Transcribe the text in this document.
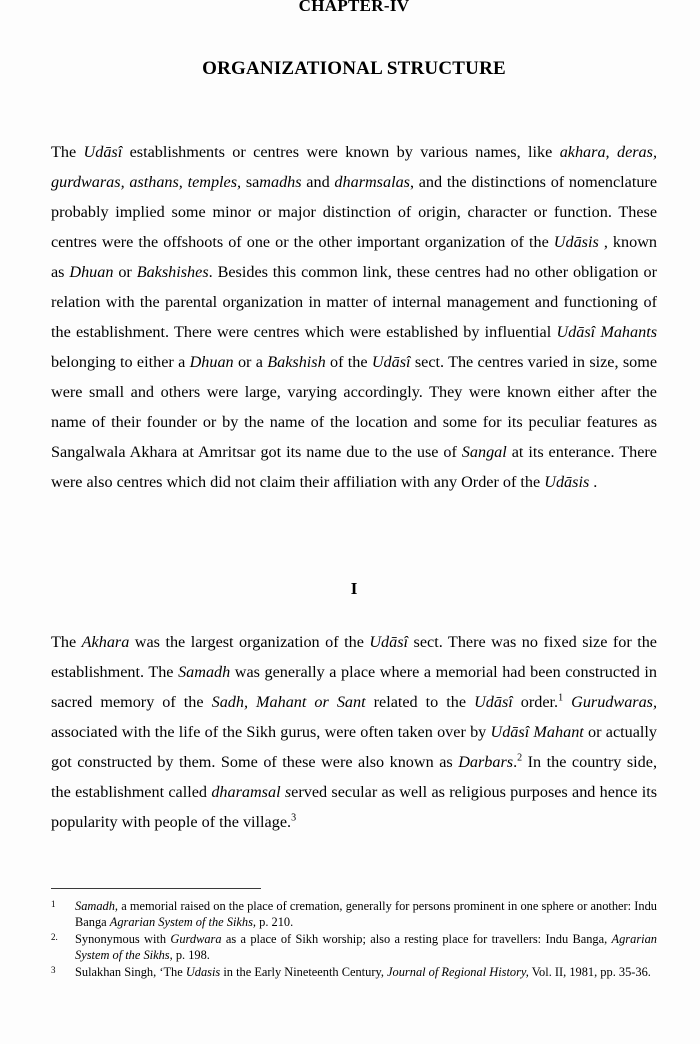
CHAPTER-IV
ORGANIZATIONAL STRUCTURE

The Udāsî establishments or centres were known by various names, like akhara, deras, gurdwaras, asthans, temples, samadhs and dharmsalas, and the distinctions of nomenclature probably implied some minor or major distinction of origin, character or function. These centres were the offshoots of one or the other important organization of the Udāsis , known as Dhuan or Bakshishes. Besides this common link, these centres had no other obligation or relation with the parental organization in matter of internal management and functioning of the establishment. There were centres which were established by influential Udāsî Mahants belonging to either a Dhuan or a Bakshish of the Udāsî sect. The centres varied in size, some were small and others were large, varying accordingly. They were known either after the name of their founder or by the name of the location and some for its peculiar features as Sangalwala Akhara at Amritsar got its name due to the use of Sangal at its enterance. There were also centres which did not claim their affiliation with any Order of the Udāsis .

I

The Akhara was the largest organization of the Udāsî sect. There was no fixed size for the establishment. The Samadh was generally a place where a memorial had been constructed in sacred memory of the Sadh, Mahant or Sant related to the Udāsî order.$^1$ Gurudwaras, associated with the life of the Sikh gurus, were often taken over by Udāsî Mahant or actually got constructed by them. Some of these were also known as Darbars.$^2$ In the country side, the establishment called dharamsal served secular as well as religious purposes and hence its popularity with people of the village.$^3$

1 Samadh, a memorial raised on the place of cremation, generally for persons prominent in one sphere or another: Indu Banga Agrarian System of the Sikhs, p. 210.
2. Synonymous with Gurdwara as a place of Sikh worship; also a resting place for travellers: Indu Banga, Agrarian System of the Sikhs, p. 198.
3 Sulakhan Singh, ‘The Udasis in the Early Nineteenth Century, Journal of Regional History, Vol. II, 1981, pp. 35-36.
